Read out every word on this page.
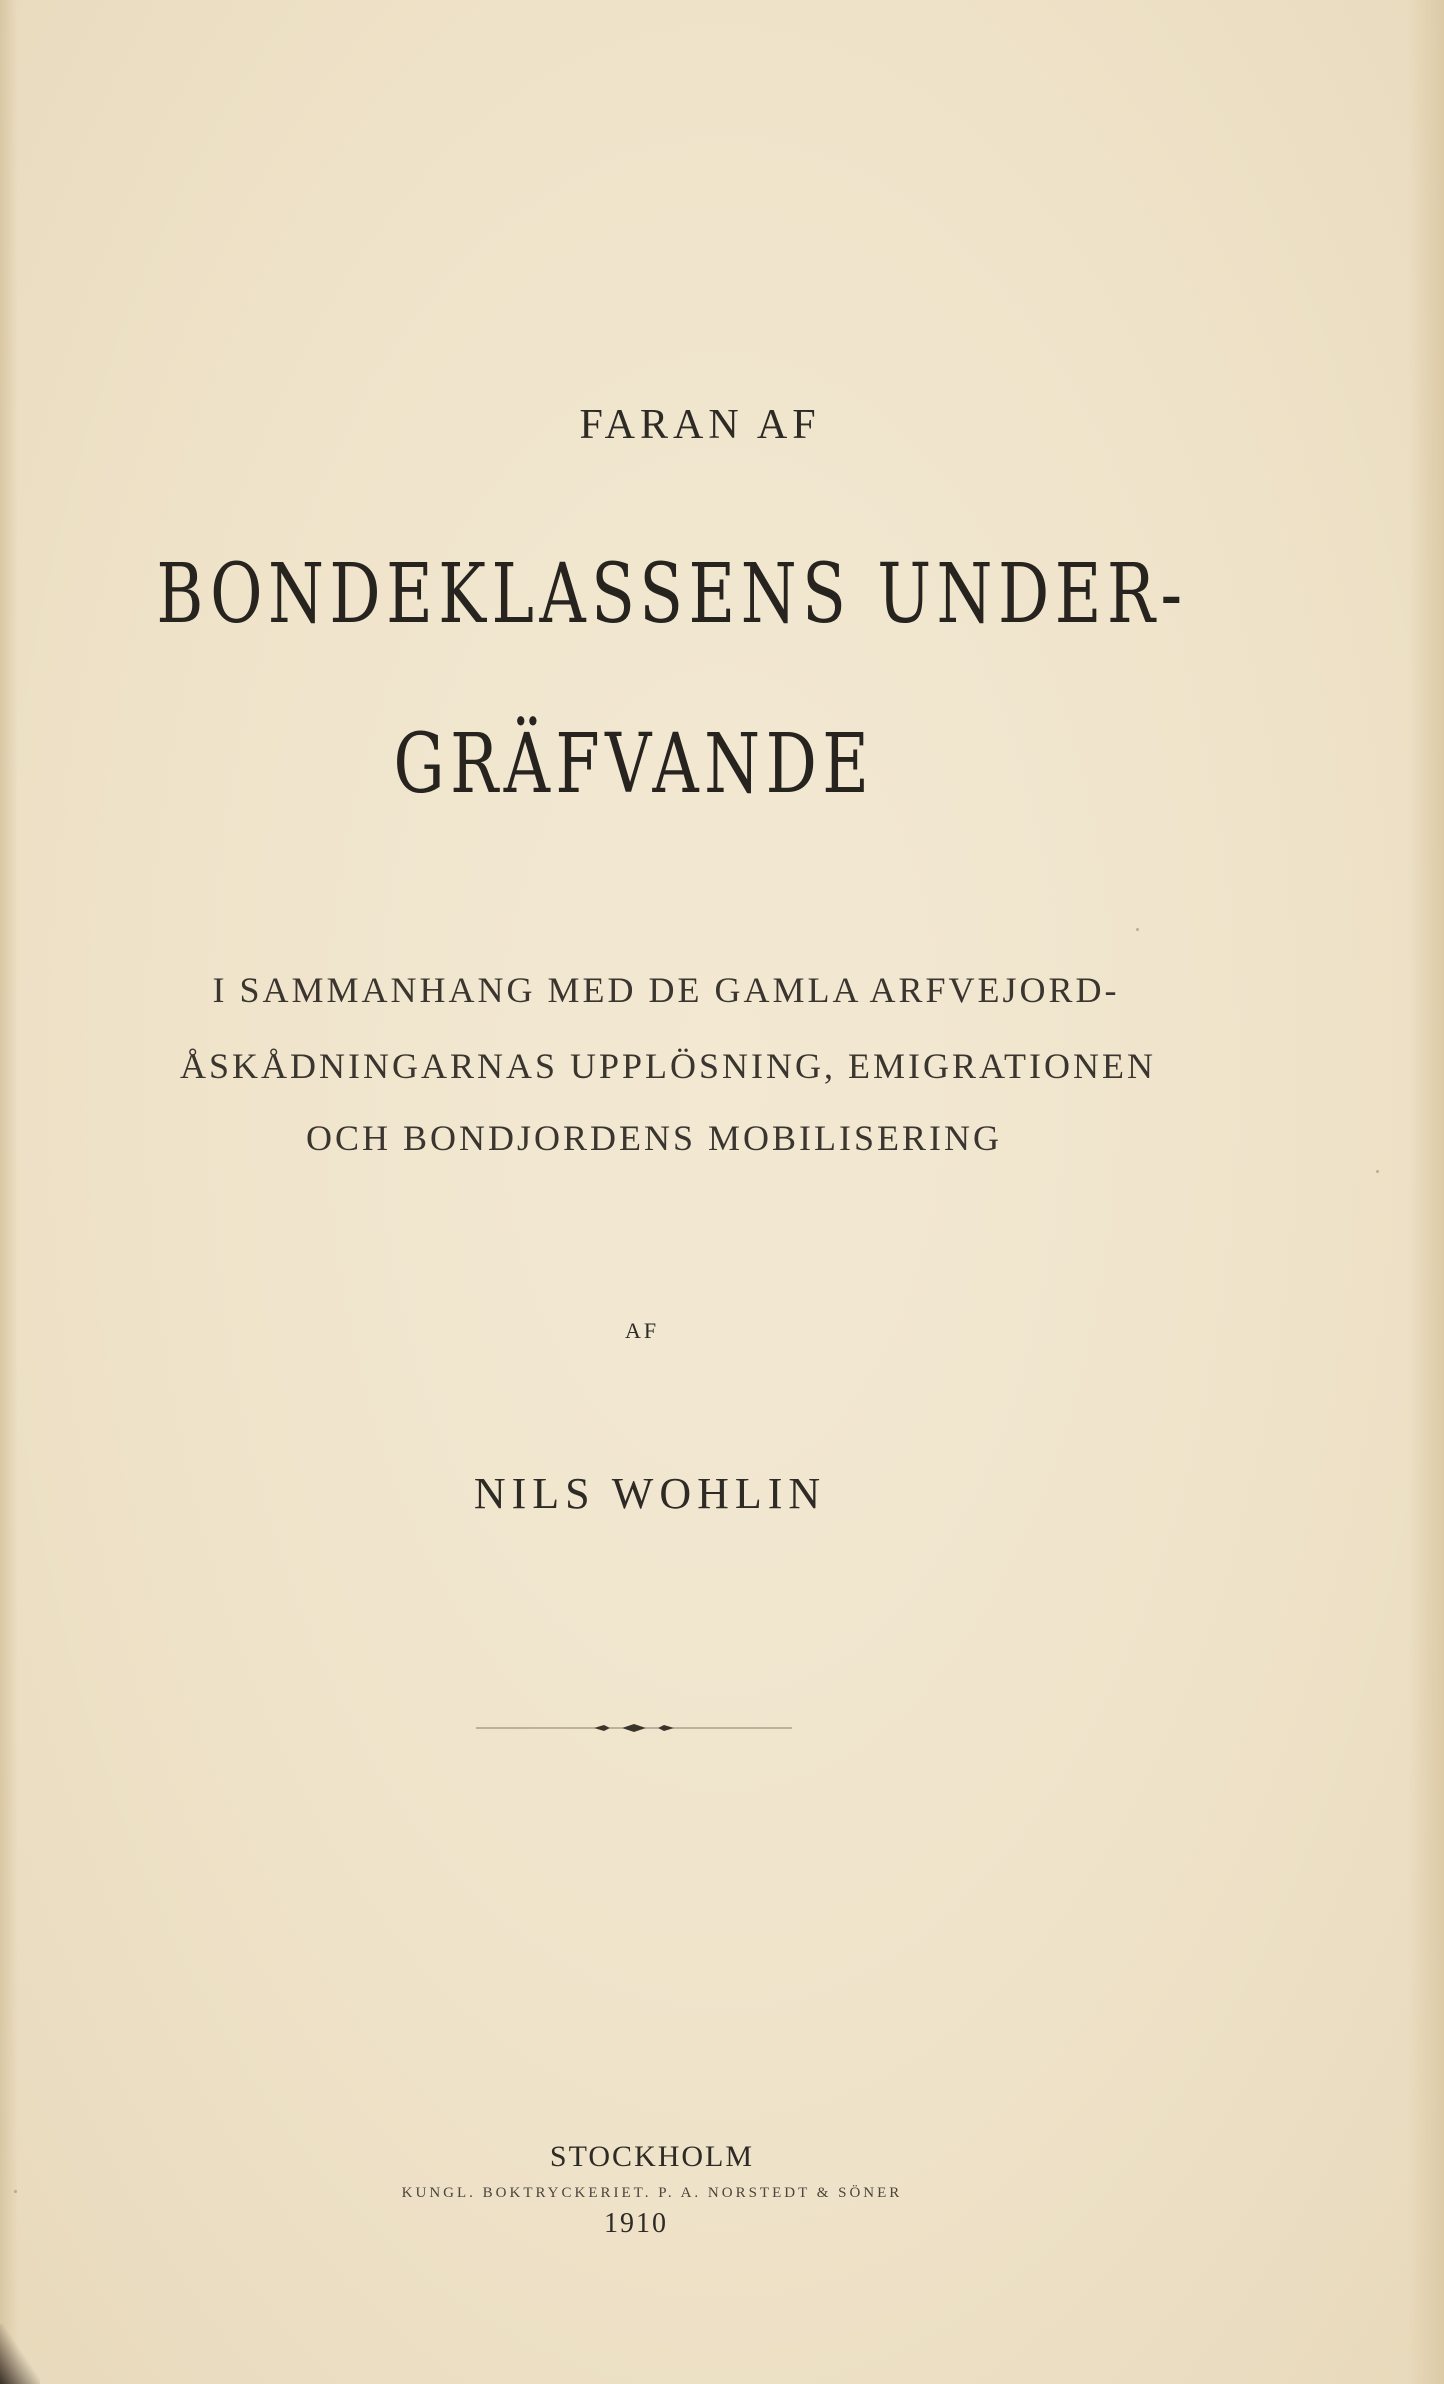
FARAN AF
BONDEKLASSENS UNDER-
GRÄFVANDE
I SAMMANHANG MED DE GAMLA ARFVEJORD-
ÅSKÅDNINGARNAS UPPLÖSNING, EMIGRATIONEN
OCH BONDJORDENS MOBILISERING
AF
NILS WOHLIN
STOCKHOLM
KUNGL. BOKTRYCKERIET. P. A. NORSTEDT & SÖNER
1910
